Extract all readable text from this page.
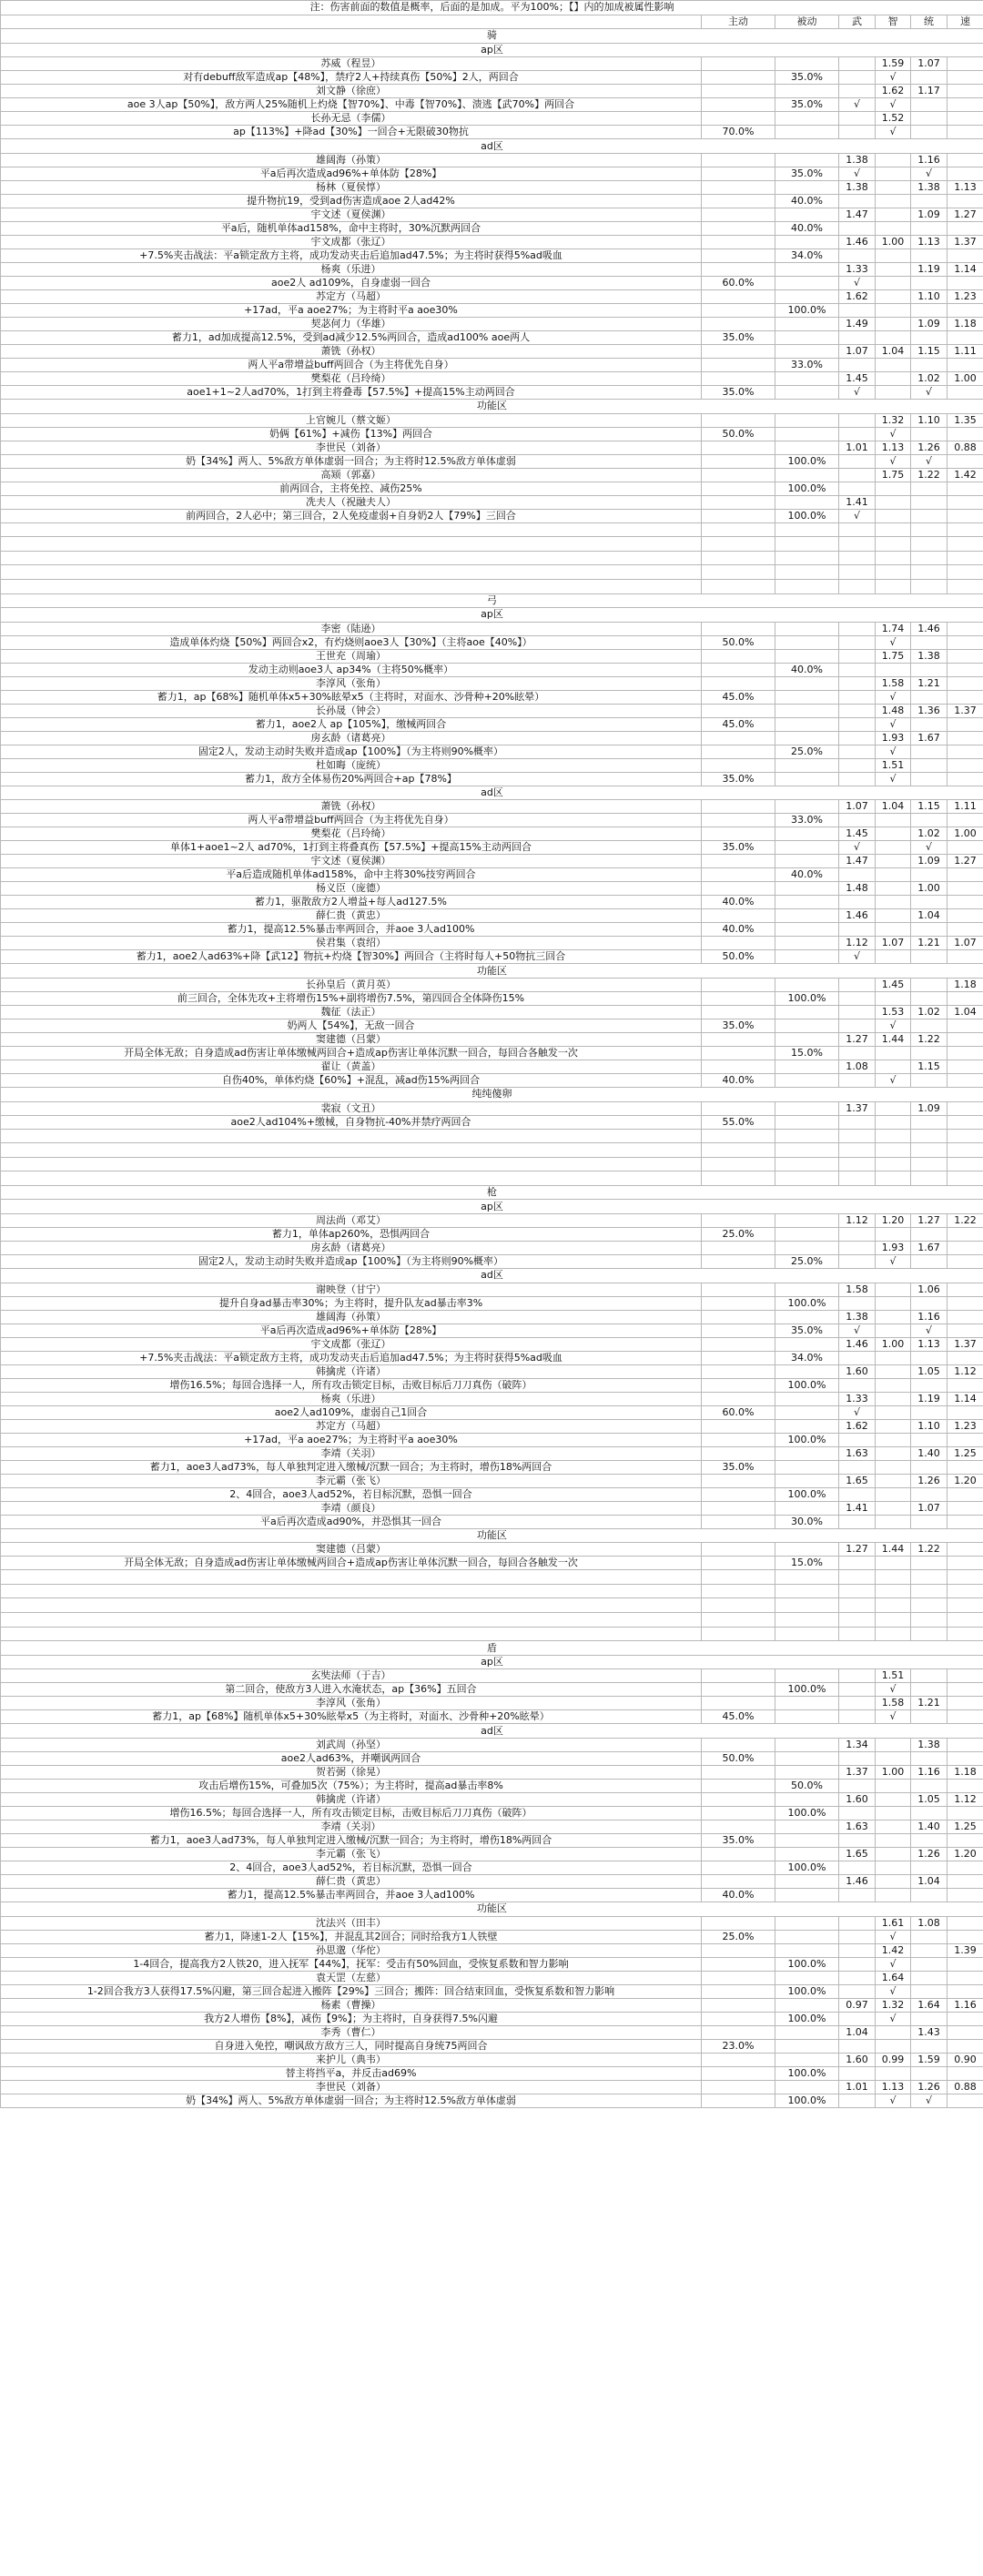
注：伤害前面的数值是概率，后面的是加成。平为100%；【】内的加成被属性影响						
	主动	被动	武	智	统	速
骑						
ap区						
苏威（程昱）				1.59	1.07	
对有debuff敌军造成ap【48%】，禁疗2人+持续真伤【50%】2人，两回合		35.0%		√		
刘文静（徐庶）				1.62	1.17	
aoe 3人ap【50%】，敌方两人25%随机上灼烧【智70%】、中毒【智70%】、溃逃【武70%】两回合		35.0%	√	√		
长孙无忌（李儒）				1.52		
ap【113%】+降ad【30%】一回合+无限破30物抗	70.0%			√		
ad区						
雄阔海（孙策）			1.38		1.16	
平a后再次造成ad96%+单体防【28%】		35.0%	√		√	
杨林（夏侯惇）			1.38		1.38	1.13
提升物抗19，受到ad伤害造成aoe 2人ad42%		40.0%				
宇文述（夏侯渊）			1.47		1.09	1.27
平a后，随机单体ad158%，命中主将时，30%沉默两回合		40.0%				
宇文成都（张辽）			1.46	1.00	1.13	1.37
+7.5%夹击战法：平a锁定敌方主将，成功发动夹击后追加ad47.5%；为主将时获得5%ad吸血		34.0%				
杨爽（乐进）			1.33		1.19	1.14
aoe2人 ad109%，自身虚弱一回合	60.0%		√			
苏定方（马超）			1.62		1.10	1.23
+17ad，平a aoe27%；为主将时平a aoe30%		100.0%				
契苾何力（华雄）			1.49		1.09	1.18
蓄力1，ad加成提高12.5%，受到ad减少12.5%两回合，造成ad100% aoe两人	35.0%					
萧铣（孙权）			1.07	1.04	1.15	1.11
两人平a带增益buff两回合（为主将优先自身）		33.0%				
樊梨花（吕玲绮）			1.45		1.02	1.00
aoe1+1~2人ad70%，1打到主将叠毒【57.5%】+提高15%主动两回合	35.0%		√		√	
功能区						
上官婉儿（蔡文姬）				1.32	1.10	1.35
奶俩【61%】+减伤【13%】两回合	50.0%			√		
李世民（刘备）			1.01	1.13	1.26	0.88
奶【34%】两人、5%敌方单体虚弱一回合；为主将时12.5%敌方单体虚弱		100.0%		√	√	
高颎（郭嘉）				1.75	1.22	1.42
前两回合，主将免控、减伤25%		100.0%				
冼夫人（祝融夫人）			1.41			
前两回合，2人必中；第三回合，2人免疫虚弱+自身奶2人【79%】三回合		100.0%	√			

弓						
ap区						
李密（陆逊）				1.74	1.46	
造成单体灼烧【50%】两回合x2，有灼烧则aoe3人【30%】（主将aoe【40%】）	50.0%			√		
王世充（周瑜）				1.75	1.38	
发动主动则aoe3人 ap34%（主将50%概率）		40.0%				
李淳风（张角）				1.58	1.21	
蓄力1，ap【68%】随机单体x5+30%眩晕x5（主将时，对面水、沙骨种+20%眩晕）	45.0%			√		
长孙晟（钟会）				1.48	1.36	1.37
蓄力1，aoe2人 ap【105%】，缴械两回合	45.0%			√		
房玄龄（诸葛亮）				1.93	1.67	
固定2人，发动主动时失败并造成ap【100%】（为主将则90%概率）		25.0%		√		
杜如晦（庞统）				1.51		
蓄力1，敌方全体易伤20%两回合+ap【78%】	35.0%			√		
ad区						
萧铣（孙权）			1.07	1.04	1.15	1.11
两人平a带增益buff两回合（为主将优先自身）		33.0%				
樊梨花（吕玲绮）			1.45		1.02	1.00
单体1+aoe1~2人 ad70%，1打到主将叠真伤【57.5%】+提高15%主动两回合	35.0%		√		√	
宇文述（夏侯渊）			1.47		1.09	1.27
平a后造成随机单体ad158%，命中主将30%技穷两回合		40.0%				
杨义臣（庞德）			1.48		1.00	
蓄力1，驱散敌方2人增益+每人ad127.5%	40.0%					
薛仁贵（黄忠）			1.46		1.04	
蓄力1，提高12.5%暴击率两回合，并aoe 3人ad100%	40.0%					
侯君集（袁绍）			1.12	1.07	1.21	1.07
蓄力1，aoe2人ad63%+降【武12】物抗+灼烧【智30%】两回合（主将时每人+50物抗三回合	50.0%		√			
功能区						
长孙皇后（黄月英）				1.45		1.18
前三回合，全体先攻+主将增伤15%+副将增伤7.5%，第四回合全体降伤15%		100.0%				
魏征（法正）				1.53	1.02	1.04
奶两人【54%】，无敌一回合	35.0%			√		
窦建德（吕蒙）			1.27	1.44	1.22	
开局全体无敌；自身造成ad伤害让单体缴械两回合+造成ap伤害让单体沉默一回合，每回合各触发一次		15.0%				
翟让（黄盖）			1.08		1.15	
自伤40%，单体灼烧【60%】+混乱，减ad伤15%两回合	40.0%			√		
纯纯傻卵						
裴寂（文丑）			1.37		1.09	
aoe2人ad104%+缴械，自身物抗-40%并禁疗两回合	55.0%					

枪						
ap区						
周法尚（邓艾）			1.12	1.20	1.27	1.22
蓄力1，单体ap260%，恐惧两回合	25.0%					
房玄龄（诸葛亮）				1.93	1.67	
固定2人，发动主动时失败并造成ap【100%】（为主将则90%概率）		25.0%		√		
ad区						
谢映登（甘宁）			1.58		1.06	
提升自身ad暴击率30%；为主将时，提升队友ad暴击率3%		100.0%				
雄阔海（孙策）			1.38		1.16	
平a后再次造成ad96%+单体防【28%】		35.0%	√		√	
宇文成都（张辽）			1.46	1.00	1.13	1.37
+7.5%夹击战法：平a锁定敌方主将，成功发动夹击后追加ad47.5%；为主将时获得5%ad吸血		34.0%				
韩擒虎（许诸）			1.60		1.05	1.12
增伤16.5%；每回合选择一人，所有攻击锁定目标，击败目标后刀刀真伤（破阵）		100.0%				
杨爽（乐进）			1.33		1.19	1.14
aoe2人ad109%，虚弱自己1回合	60.0%		√			
苏定方（马超）			1.62		1.10	1.23
+17ad，平a aoe27%；为主将时平a aoe30%		100.0%				
李靖（关羽）			1.63		1.40	1.25
蓄力1，aoe3人ad73%，每人单独判定进入缴械/沉默一回合；为主将时，增伤18%两回合	35.0%					
李元霸（张飞）			1.65		1.26	1.20
2、4回合，aoe3人ad52%，若目标沉默，恐惧一回合		100.0%				
李靖（颜良）			1.41		1.07	
平a后再次造成ad90%，并恐惧其一回合		30.0%				
功能区						
窦建德（吕蒙）			1.27	1.44	1.22	
开局全体无敌；自身造成ad伤害让单体缴械两回合+造成ap伤害让单体沉默一回合，每回合各触发一次		15.0%				

盾						
ap区						
玄奘法师（于吉）				1.51		
第二回合，使敌方3人进入水淹状态，ap【36%】五回合		100.0%		√		
李淳风（张角）				1.58	1.21	
蓄力1，ap【68%】随机单体x5+30%眩晕x5（为主将时，对面水、沙骨种+20%眩晕）	45.0%			√		
ad区						
刘武周（孙坚）			1.34		1.38	
aoe2人ad63%，并嘲讽两回合	50.0%					
贺若弼（徐晃）			1.37	1.00	1.16	1.18
攻击后增伤15%，可叠加5次（75%）；为主将时，提高ad暴击率8%		50.0%				
韩擒虎（许诸）			1.60		1.05	1.12
增伤16.5%；每回合选择一人，所有攻击锁定目标，击败目标后刀刀真伤（破阵）		100.0%				
李靖（关羽）			1.63		1.40	1.25
蓄力1，aoe3人ad73%，每人单独判定进入缴械/沉默一回合；为主将时，增伤18%两回合	35.0%					
李元霸（张飞）			1.65		1.26	1.20
2、4回合，aoe3人ad52%，若目标沉默，恐惧一回合		100.0%				
薛仁贵（黄忠）			1.46		1.04	
蓄力1，提高12.5%暴击率两回合，并aoe 3人ad100%	40.0%					
功能区						
沈法兴（田丰）				1.61	1.08	
蓄力1，降速1-2人【15%】，并混乱其2回合；同时给我方1人铁壁	25.0%			√		
孙思邈（华佗）				1.42		1.39
1-4回合，提高我方2人铁20，进入抚军【44%】，抚军：受击有50%回血，受恢复系数和智力影响		100.0%		√		
袁天罡（左慈）				1.64		
1-2回合我方3人获得17.5%闪避，第三回合起进入搬阵【29%】三回合；搬阵：回合结束回血，受恢复系数和智力影响		100.0%		√		
杨素（曹操）			0.97	1.32	1.64	1.16
我方2人增伤【8%】，减伤【9%】；为主将时，自身获得7.5%闪避		100.0%		√		
李秀（曹仁）			1.04		1.43	
自身进入免控，嘲讽敌方敌方三人，同时提高自身统75两回合	23.0%					
来护儿（典韦）			1.60	0.99	1.59	0.90
替主将挡平a，并反击ad69%		100.0%				
李世民（刘备）			1.01	1.13	1.26	0.88
奶【34%】两人、5%敌方单体虚弱一回合；为主将时12.5%敌方单体虚弱		100.0%		√	√	
